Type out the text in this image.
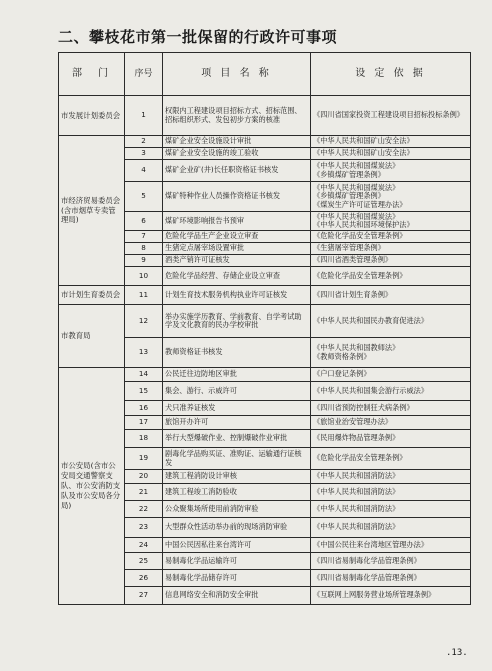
二、攀枝花市第一批保留的行政许可事项
部　门	序号	项 目 名 称	设 定 依 据
市发展计划委员会	1	权限内工程建设项目招标方式、招标范围、招标组织形式、发包初步方案的核准	《四川省国家投资工程建设项目招标投标条例》
市经济贸易委员会(含市烟草专卖管理局)	2	煤矿企业安全设施设计审批	《中华人民共和国矿山安全法》
	3	煤矿企业安全设施的竣工验收	《中华人民共和国矿山安全法》
	4	煤矿企业矿(井)长任职资格证书核发	《中华人民共和国煤炭法》
《乡镇煤矿管理条例》
	5	煤矿特种作业人员操作资格证书核发	《中华人民共和国煤炭法》
《乡镇煤矿管理条例》
《煤炭生产许可证管理办法》
	6	煤矿环境影响报告书预审	《中华人民共和国煤炭法》
《中华人民共和国环境保护法》
	7	危险化学品生产企业设立审查	《危险化学品安全管理条例》
	8	生猪定点屠宰场设置审批	《生猪屠宰管理条例》
	9	酒类产销许可证核发	《四川省酒类管理条例》
	10	危险化学品经营、存储企业设立审查	《危险化学品安全管理条例》
市计划生育委员会	11	计划生育技术服务机构执业许可证核发	《四川省计划生育条例》
市教育局	12	举办实施学历教育、学前教育、自学考试助学及文化教育的民办学校审批	《中华人民共和国民办教育促进法》
	13	教师资格证书核发	《中华人民共和国教师法》
《教师资格条例》
市公安局(含市公安局交通警察支队、市公安消防支队及市公安局各分局)	14	公民迁往边防地区审批	《户口登记条例》
	15	集会、游行、示威许可	《中华人民共和国集会游行示威法》
	16	犬只准养证核发	《四川省预防控制狂犬病条例》
	17	旅馆开办许可	《旅馆业治安管理办法》
	18	举行大型爆破作业、控制爆破作业审批	《民用爆炸物品管理条例》
	19	剧毒化学品购买证、准购证、运输通行证核发	《危险化学品安全管理条例》
	20	建筑工程消防设计审核	《中华人民共和国消防法》
	21	建筑工程竣工消防验收	《中华人民共和国消防法》
	22	公众聚集场所使用前消防审验	《中华人民共和国消防法》
	23	大型群众性活动举办前的现场消防审验	《中华人民共和国消防法》
	24	中国公民因私往来台湾许可	《中国公民往来台湾地区管理办法》
	25	易制毒化学品运输许可	《四川省易制毒化学品管理条例》
	26	易制毒化学品储存许可	《四川省易制毒化学品管理条例》
	27	信息网络安全和消防安全审批	《互联网上网服务营业场所管理条例》
.13.
